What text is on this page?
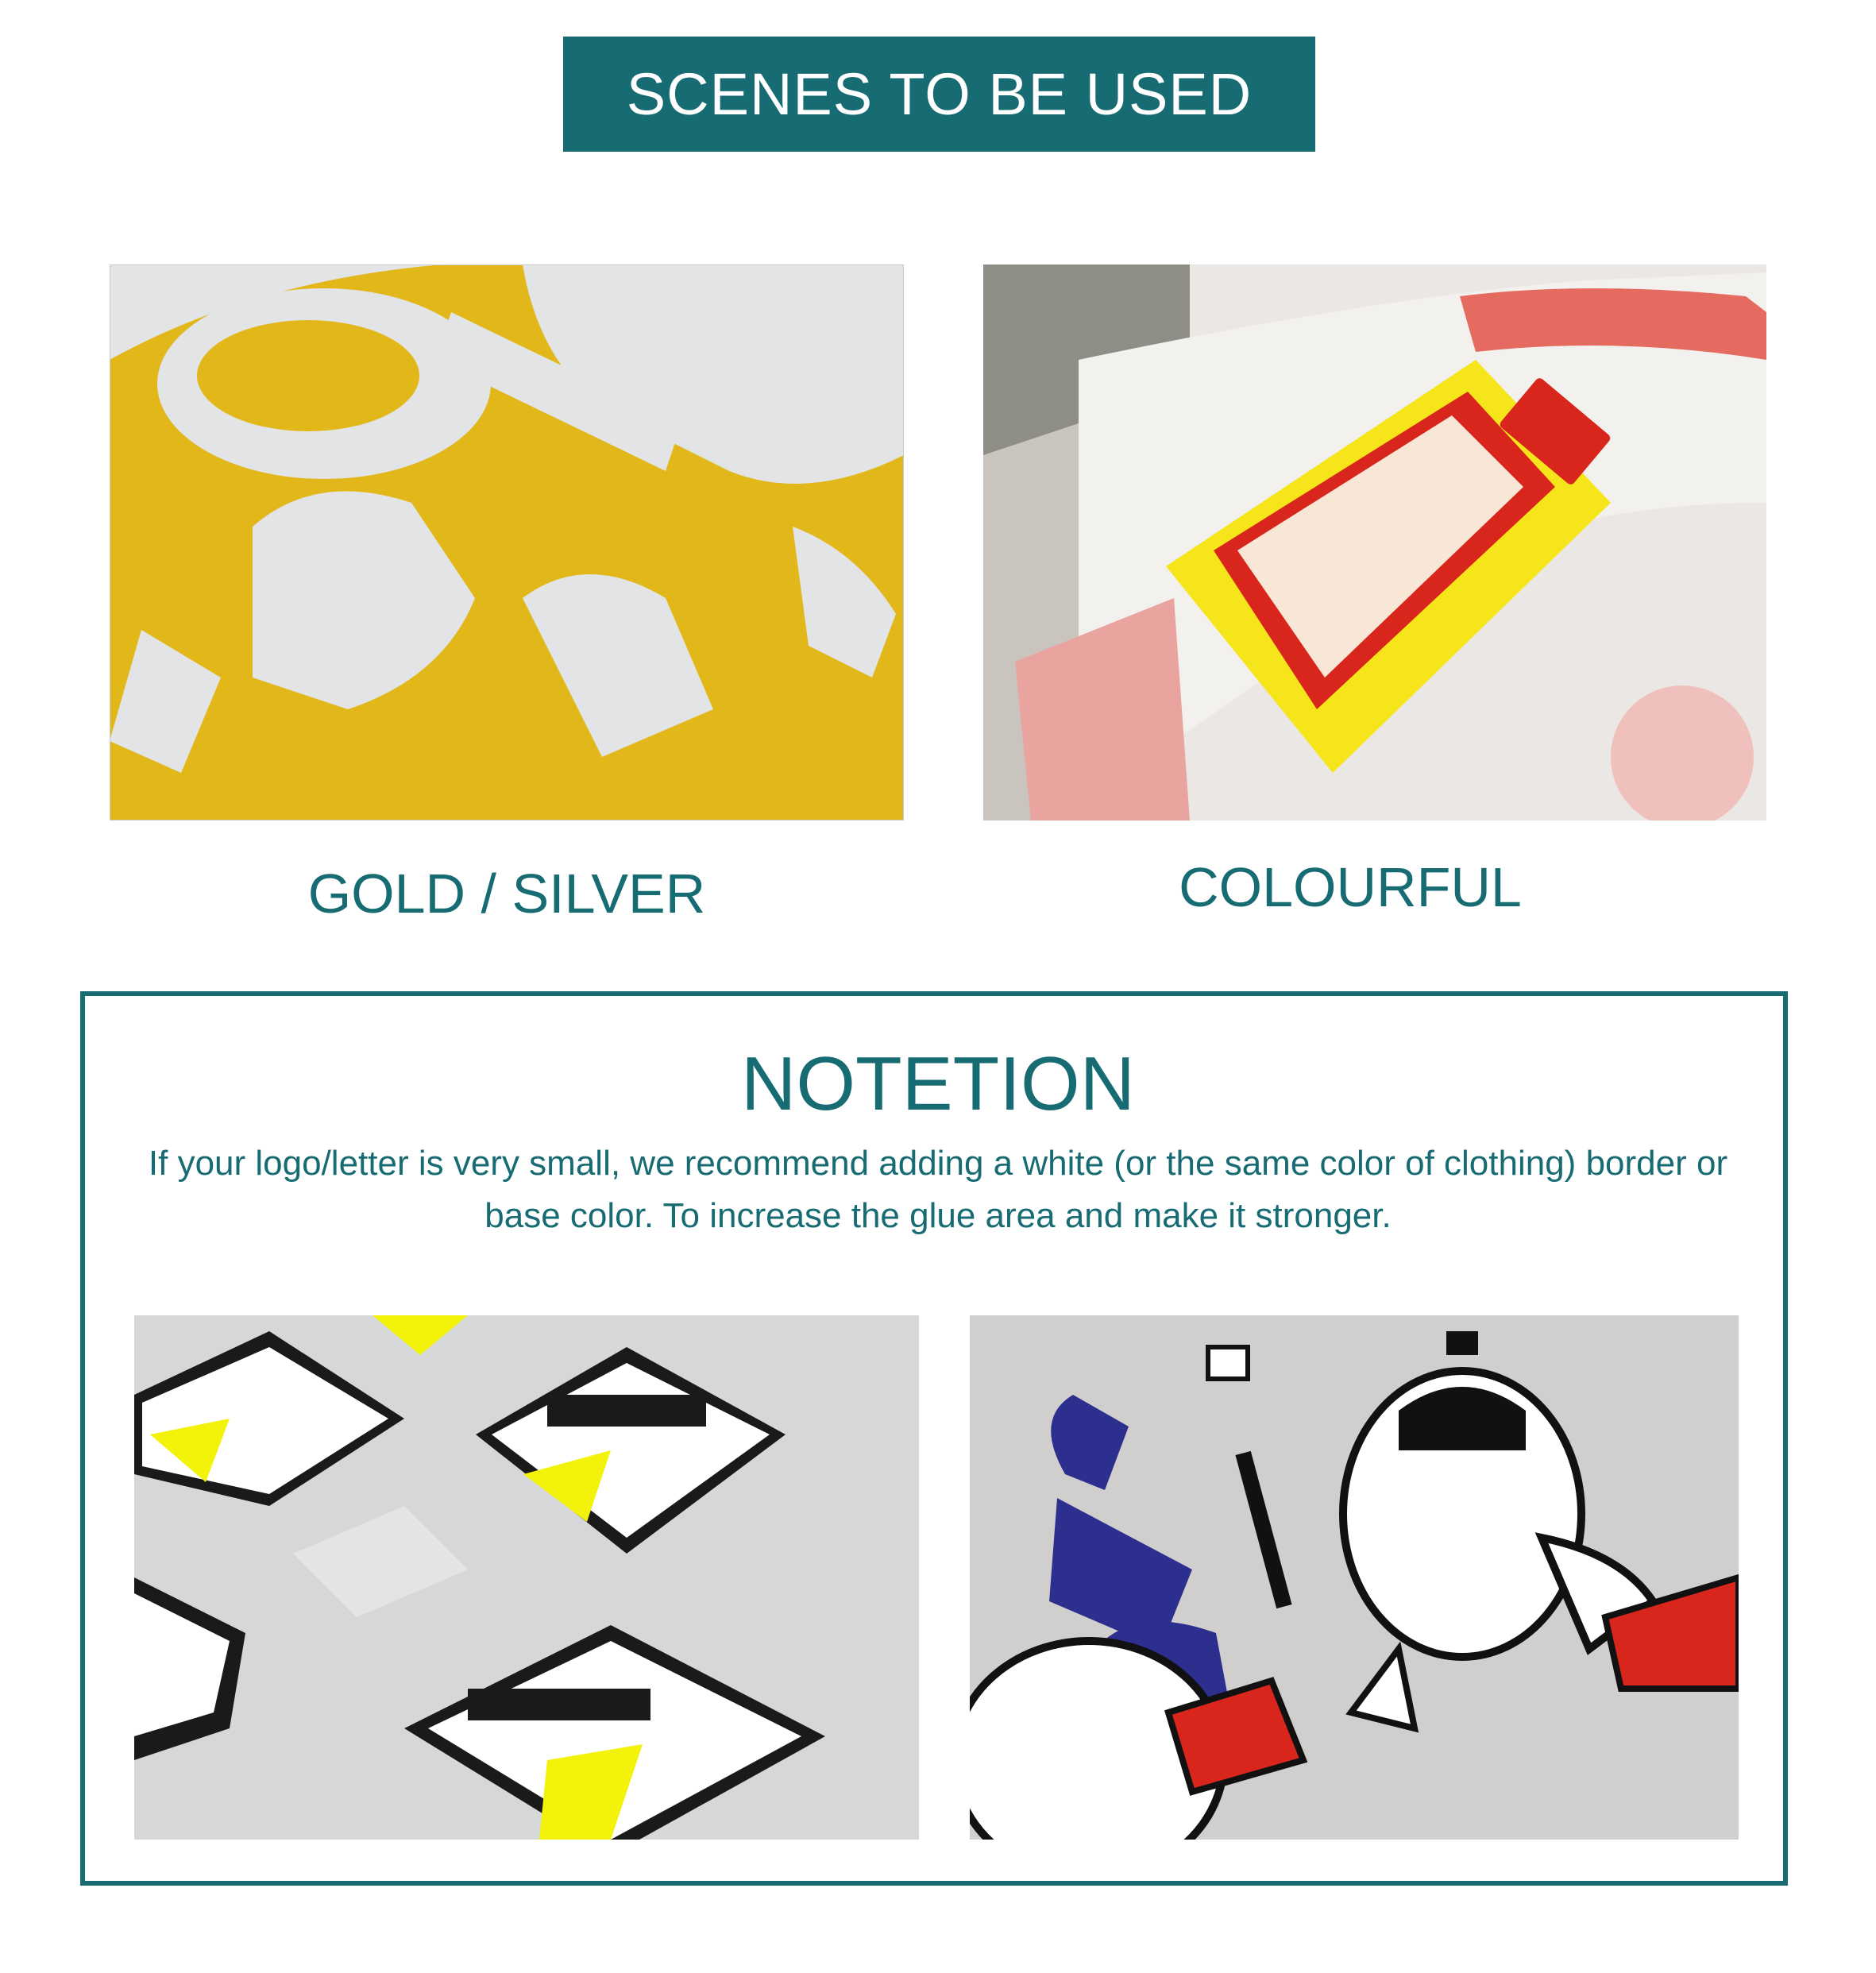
SCENES TO BE USED
GOLD / SILVER	COLOURFUL
NOTETION
If your logo/letter is very small, we recommend adding a white (or the same color of clothing) border or base color. To increase the glue area and make it stronger.
